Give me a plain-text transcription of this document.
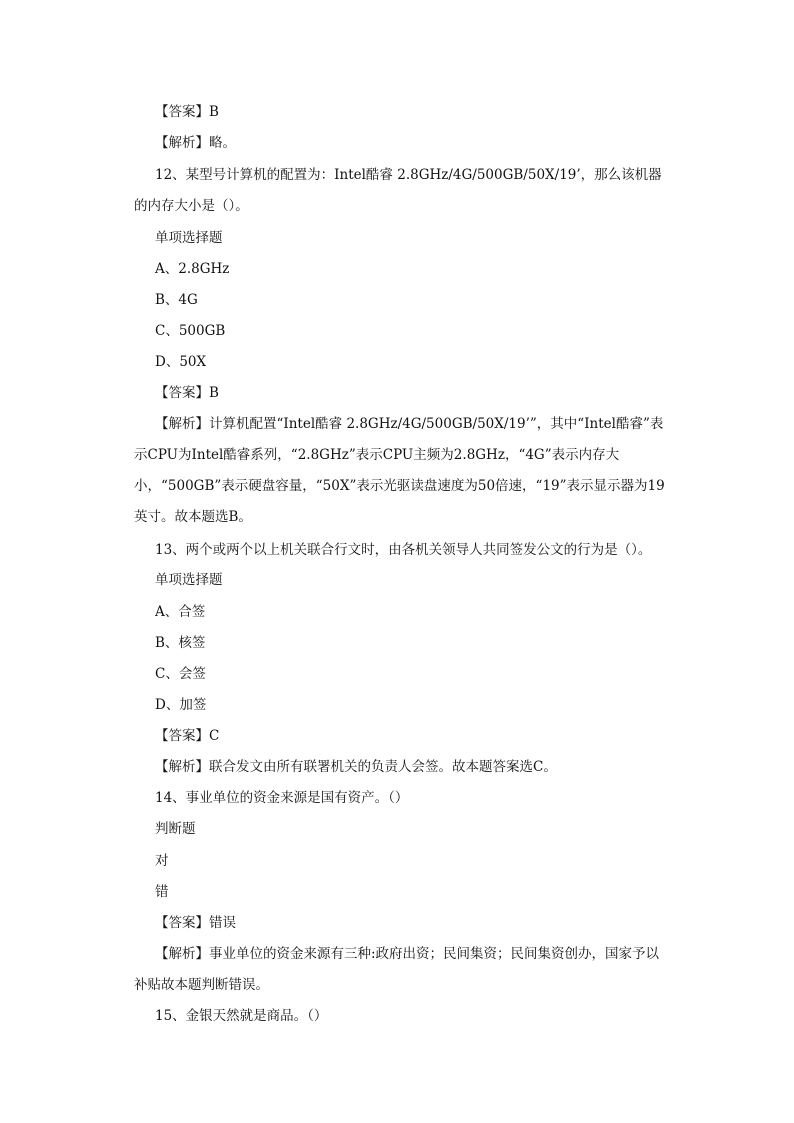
【答案】B
【解析】略。
12、某型号计算机的配置为：Intel酷睿 2.8GHz/4G/500GB/50X/19’，那么该机器的内存大小是（）。
单项选择题
A、2.8GHz
B、4G
C、500GB
D、50X
【答案】B
【解析】计算机配置“Intel酷睿 2.8GHz/4G/500GB/50X/19’”，其中“Intel酷睿”表示CPU为Intel酷睿系列，“2.8GHz”表示CPU主频为2.8GHz，“4G”表示内存大小，“500GB”表示硬盘容量，“50X”表示光驱读盘速度为50倍速，“19”表示显示器为19英寸。故本题选B。
13、两个或两个以上机关联合行文时，由各机关领导人共同签发公文的行为是（）。
单项选择题
A、合签
B、核签
C、会签
D、加签
【答案】C
【解析】联合发文由所有联署机关的负责人会签。故本题答案选C。
14、事业单位的资金来源是国有资产。（）
判断题
对
错
【答案】错误
【解析】事业单位的资金来源有三种:政府出资；民间集资；民间集资创办，国家予以补贴故本题判断错误。
15、金银天然就是商品。（）
